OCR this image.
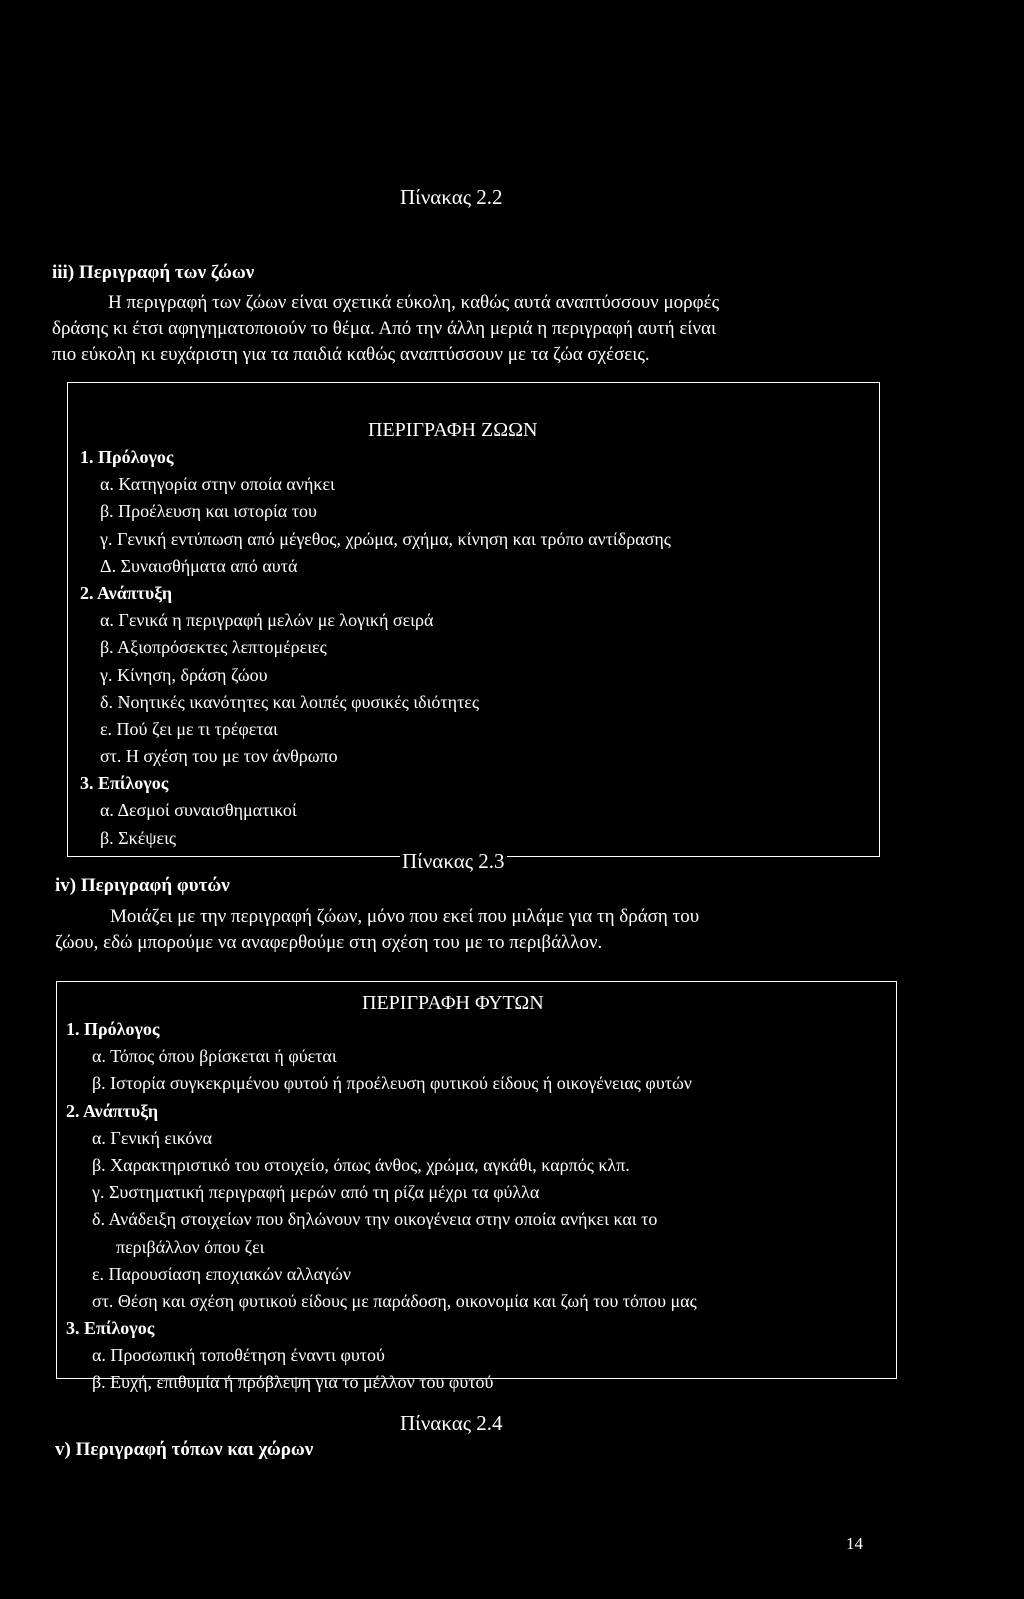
Πίνακας 2.2
iii) Περιγραφή των ζώων
Η περιγραφή των ζώων είναι σχετικά εύκολη, καθώς αυτά αναπτύσσουν μορφές
δράσης κι έτσι αφηγηματοποιούν το θέμα. Από την άλλη μεριά η περιγραφή αυτή είναι
πιο εύκολη κι ευχάριστη για τα παιδιά καθώς αναπτύσσουν με τα ζώα σχέσεις.
ΠΕΡΙΓΡΑΦΗ ΖΩΩΝ
1. Πρόλογος
α. Κατηγορία στην οποία ανήκει
β. Προέλευση και ιστορία του
γ. Γενική εντύπωση από μέγεθος, χρώμα, σχήμα, κίνηση και τρόπο αντίδρασης
Δ. Συναισθήματα από αυτά
2. Ανάπτυξη
α. Γενικά η περιγραφή μελών με λογική σειρά
β. Αξιοπρόσεκτες λεπτομέρειες
γ. Κίνηση, δράση ζώου
δ. Νοητικές ικανότητες και λοιπές φυσικές ιδιότητες
ε. Πού ζει με τι τρέφεται
στ. Η σχέση του με τον άνθρωπο
3. Επίλογος
α. Δεσμοί συναισθηματικοί
β. Σκέψεις
Πίνακας 2.3
iv) Περιγραφή φυτών
Μοιάζει με την περιγραφή ζώων, μόνο που εκεί που μιλάμε για τη δράση του
ζώου, εδώ μπορούμε να αναφερθούμε στη σχέση του με το περιβάλλον.
ΠΕΡΙΓΡΑΦΗ ΦΥΤΩΝ
1. Πρόλογος
α. Τόπος όπου βρίσκεται ή φύεται
β. Ιστορία συγκεκριμένου φυτού ή προέλευση φυτικού είδους ή οικογένειας φυτών
2. Ανάπτυξη
α. Γενική εικόνα
β. Χαρακτηριστικό του στοιχείο, όπως άνθος, χρώμα, αγκάθι, καρπός κλπ.
γ. Συστηματική περιγραφή μερών από τη ρίζα μέχρι τα φύλλα
δ. Ανάδειξη στοιχείων που δηλώνουν την οικογένεια στην οποία ανήκει και το
περιβάλλον όπου ζει
ε. Παρουσίαση εποχιακών αλλαγών
στ. Θέση και σχέση φυτικού είδους με παράδοση, οικονομία και ζωή του τόπου μας
3. Επίλογος
α. Προσωπική τοποθέτηση έναντι φυτού
β. Ευχή, επιθυμία ή πρόβλεψη για το μέλλον του φυτού
Πίνακας 2.4
v) Περιγραφή τόπων και χώρων
14
